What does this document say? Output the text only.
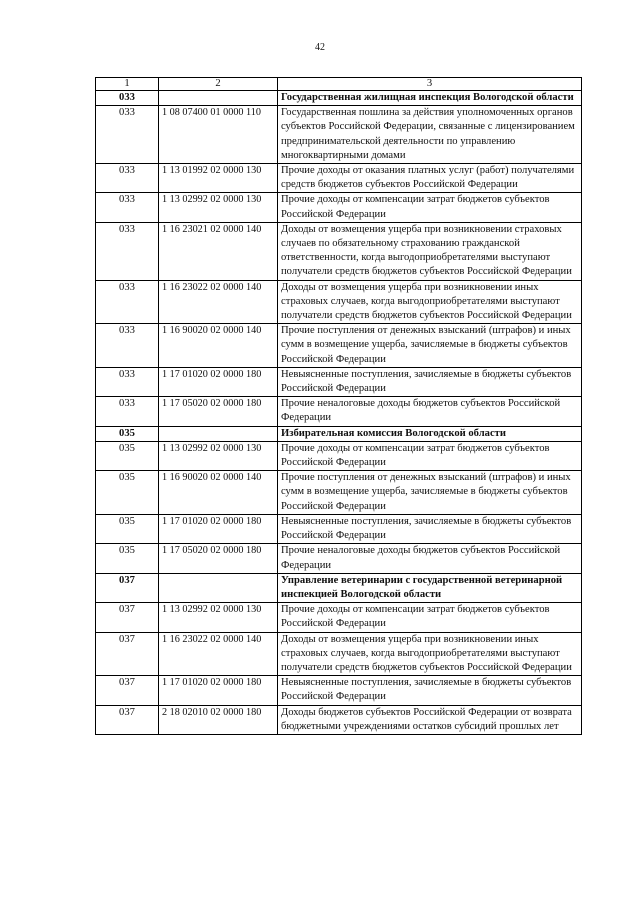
42
1	2	3
033		Государственная жилищная инспекция Вологодской области
033	1 08 07400 01 0000 110	Государственная пошлина за действия уполномоченных органов субъектов Российской Федерации, связанные с лицензированием предпринимательской деятельности по управлению многоквартирными домами
033	1 13 01992 02 0000 130	Прочие доходы от оказания платных услуг (работ) получателями средств бюджетов субъектов Российской Федерации
033	1 13 02992 02 0000 130	Прочие доходы от компенсации затрат бюджетов субъектов Российской Федерации
033	1 16 23021 02 0000 140	Доходы от возмещения ущерба при возникновении страховых случаев по обязательному страхованию гражданской ответственности, когда выгодоприобретателями выступают получатели средств бюджетов субъектов Российской Федерации
033	1 16 23022 02 0000 140	Доходы от возмещения ущерба при возникновении иных страховых случаев, когда выгодоприобретателями выступают получатели средств бюджетов субъектов Российской Федерации
033	1 16 90020 02 0000 140	Прочие поступления от денежных взысканий (штрафов) и иных сумм в возмещение ущерба, зачисляемые в бюджеты субъектов Российской Федерации
033	1 17 01020 02 0000 180	Невыясненные поступления, зачисляемые в бюджеты субъектов Российской Федерации
033	1 17 05020 02 0000 180	Прочие неналоговые доходы бюджетов субъектов Российской Федерации
035		Избирательная комиссия Вологодской области
035	1 13 02992 02 0000 130	Прочие доходы от компенсации затрат бюджетов субъектов Российской Федерации
035	1 16 90020 02 0000 140	Прочие поступления от денежных взысканий (штрафов) и иных сумм в возмещение ущерба, зачисляемые в бюджеты субъектов Российской Федерации
035	1 17 01020 02 0000 180	Невыясненные поступления, зачисляемые в бюджеты субъектов Российской Федерации
035	1 17 05020 02 0000 180	Прочие неналоговые доходы бюджетов субъектов Российской Федерации
037		Управление ветеринарии с государственной ветеринарной инспекцией Вологодской области
037	1 13 02992 02 0000 130	Прочие доходы от компенсации затрат бюджетов субъектов Российской Федерации
037	1 16 23022 02 0000 140	Доходы от возмещения ущерба при возникновении иных страховых случаев, когда выгодоприобретателями выступают получатели средств бюджетов субъектов Российской Федерации
037	1 17 01020 02 0000 180	Невыясненные поступления, зачисляемые в бюджеты субъектов Российской Федерации
037	2 18 02010 02 0000 180	Доходы бюджетов субъектов Российской Федерации от возврата бюджетными учреждениями остатков субсидий прошлых лет
